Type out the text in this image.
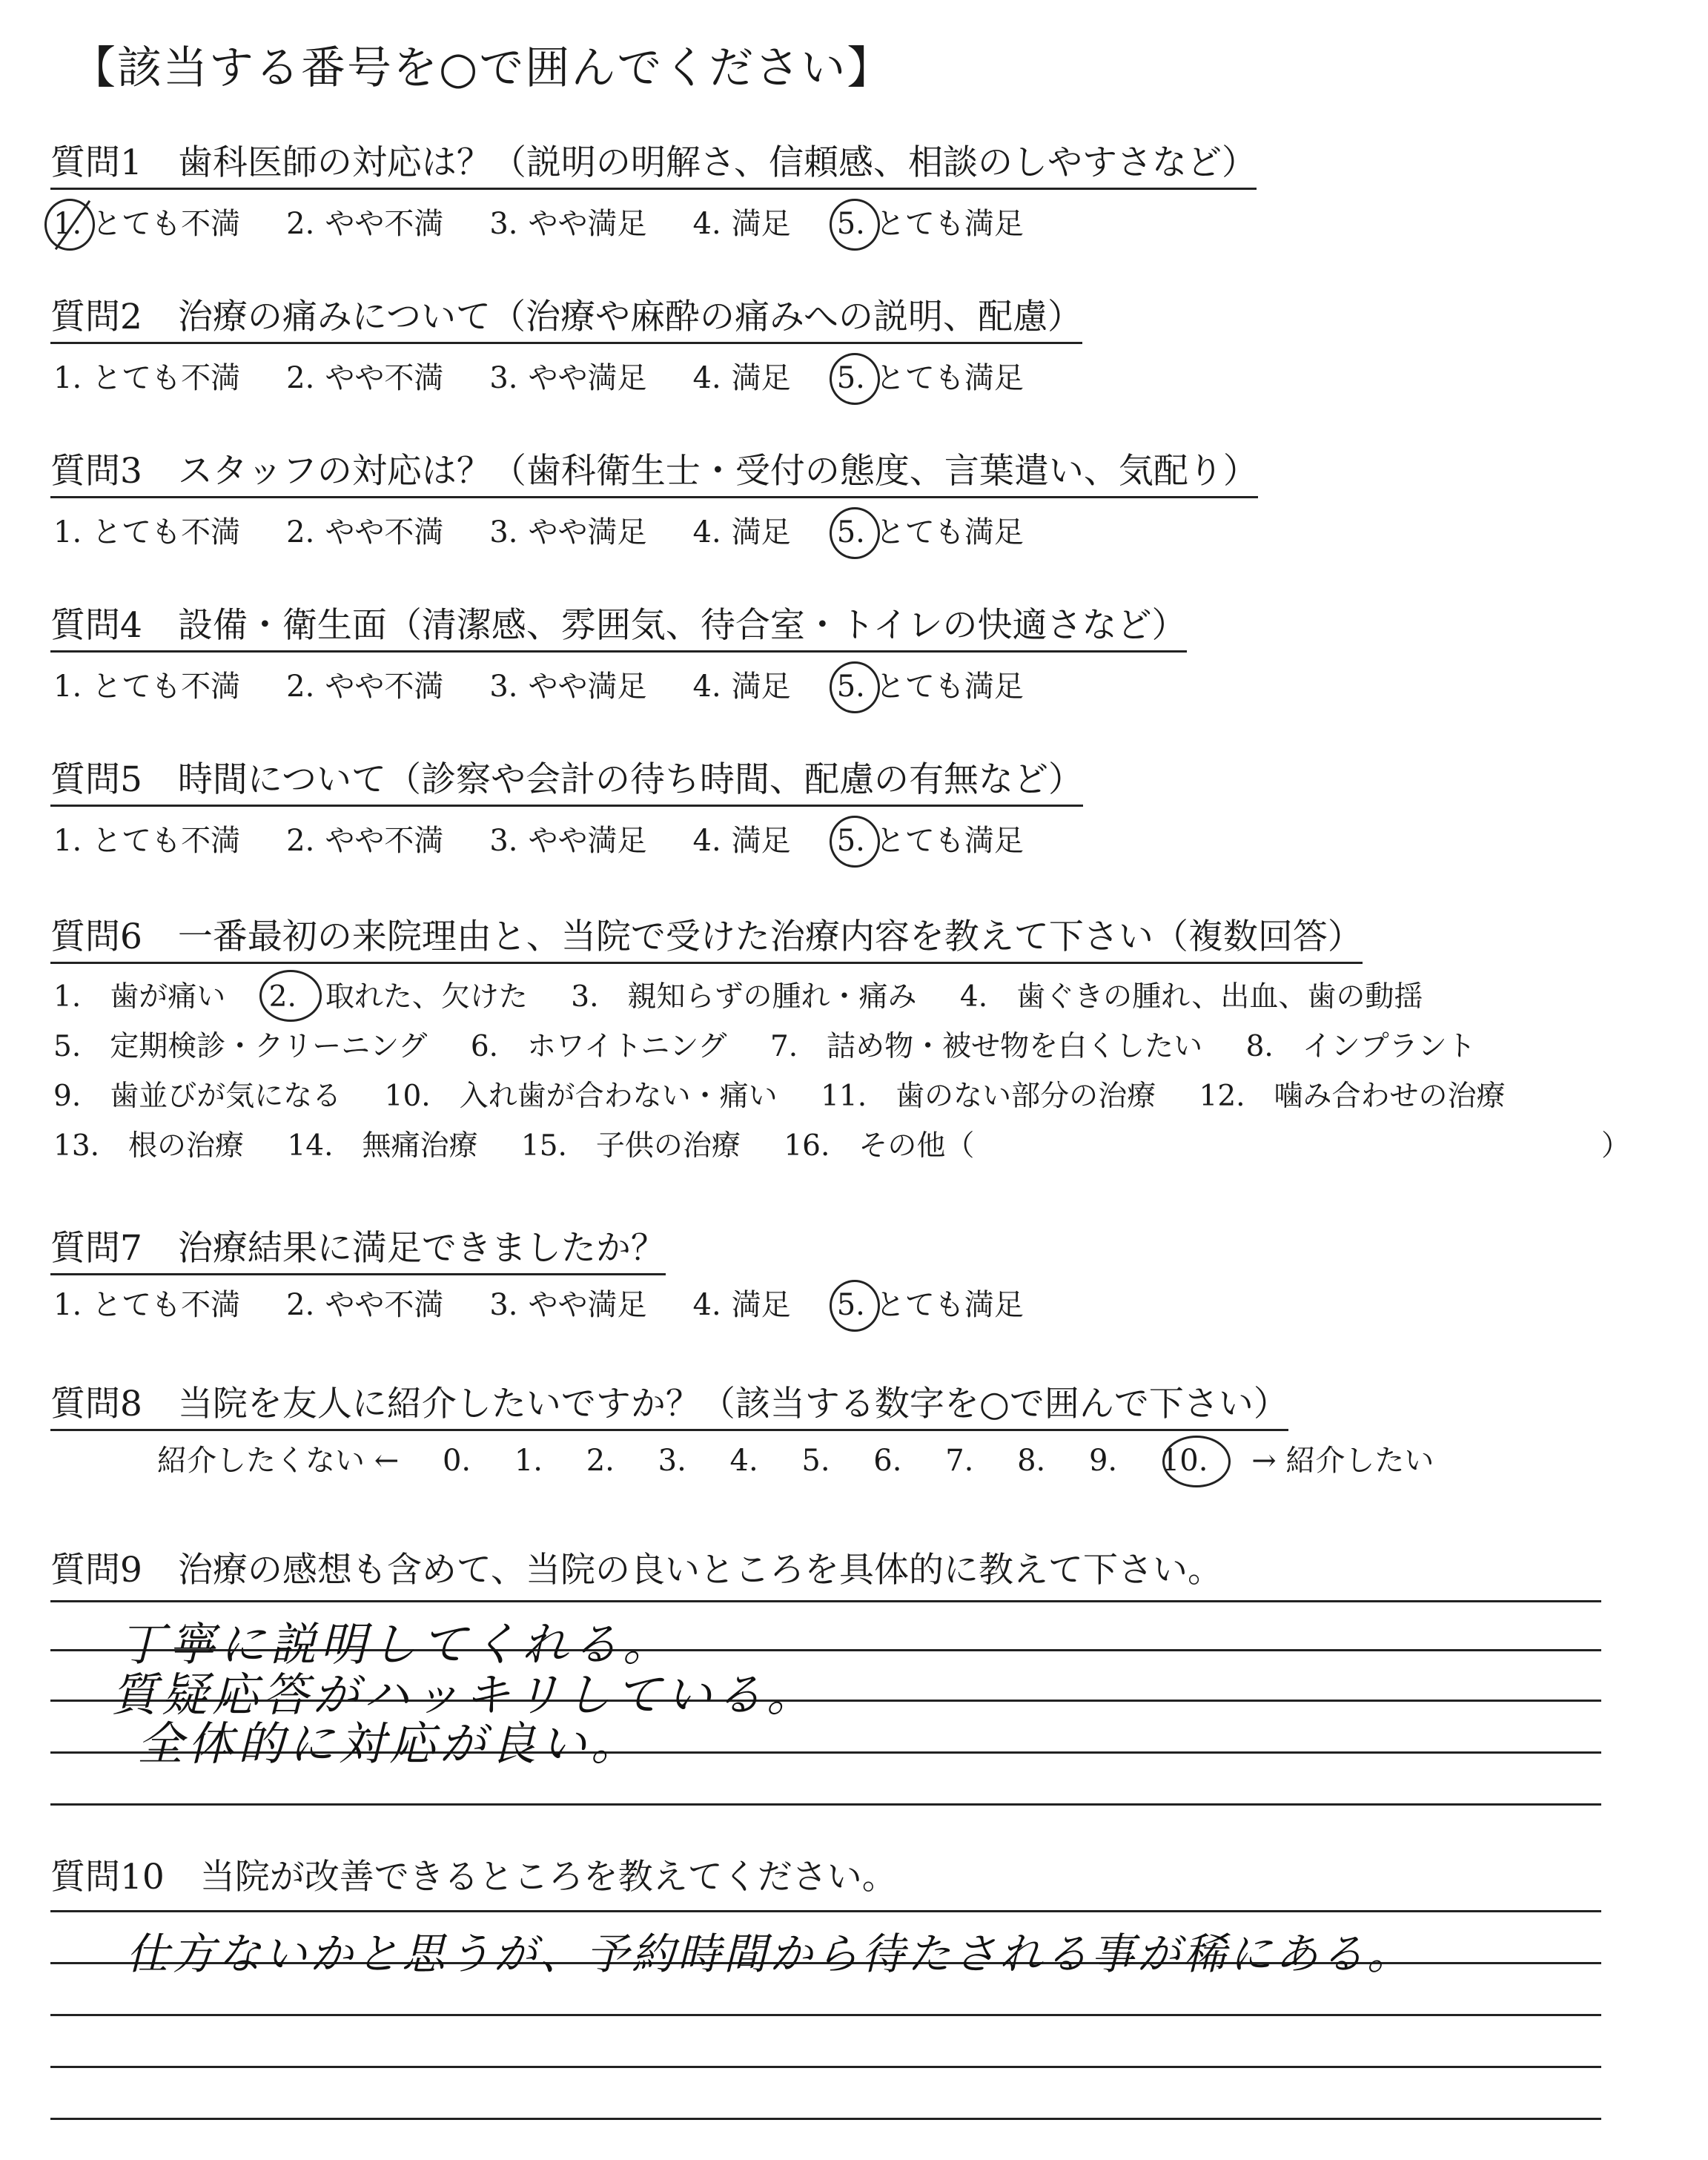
【該当する番号を○で囲んでください】
質問1 歯科医師の対応は？（説明の明解さ、信頼感、相談のしやすさなど）
1. とても不満 2. やや不満 3. やや満足 4. 満足 5. とても満足
質問2 治療の痛みについて（治療や麻酔の痛みへの説明、配慮）
1. とても不満 2. やや不満 3. やや満足 4. 満足 5. とても満足
質問3 スタッフの対応は？（歯科衛生士・受付の態度、言葉遣い、気配り）
1. とても不満 2. やや不満 3. やや満足 4. 満足 5. とても満足
質問4 設備・衛生面（清潔感、雰囲気、待合室・トイレの快適さなど）
1. とても不満 2. やや不満 3. やや満足 4. 満足 5. とても満足
質問5 時間について（診察や会計の待ち時間、配慮の有無など）
1. とても不満 2. やや不満 3. やや満足 4. 満足 5. とても満足
質問6 一番最初の来院理由と、当院で受けた治療内容を教えて下さい（複数回答）
1.　歯が痛い 2.　取れた、欠けた 3.　親知らずの腫れ・痛み 4.　歯ぐきの腫れ、出血、歯の動揺
5.　定期検診・クリーニング 6.　ホワイトニング 7.　詰め物・被せ物を白くしたい 8.　インプラント
9.　歯並びが気になる 10.　入れ歯が合わない・痛い 11.　歯のない部分の治療 12.　噛み合わせの治療
13.　根の治療 14.　無痛治療 15.　子供の治療 16.　その他（	）
質問7 治療結果に満足できましたか？
1. とても不満 2. やや不満 3. やや満足 4. 満足 5. とても満足
質問8 当院を友人に紹介したいですか？（該当する数字を○で囲んで下さい）
紹介したくない ← 0. 1. 2. 3. 4. 5. 6. 7. 8. 9. 10. → 紹介したい
質問9 治療の感想も含めて、当院の良いところを具体的に教えて下さい。
丁寧に説明してくれる。
質疑応答がハッキリしている。
全体的に対応が良い。
質問10 当院が改善できるところを教えてください。
仕方ないかと思うが、予約時間から待たされる事が稀にある。
